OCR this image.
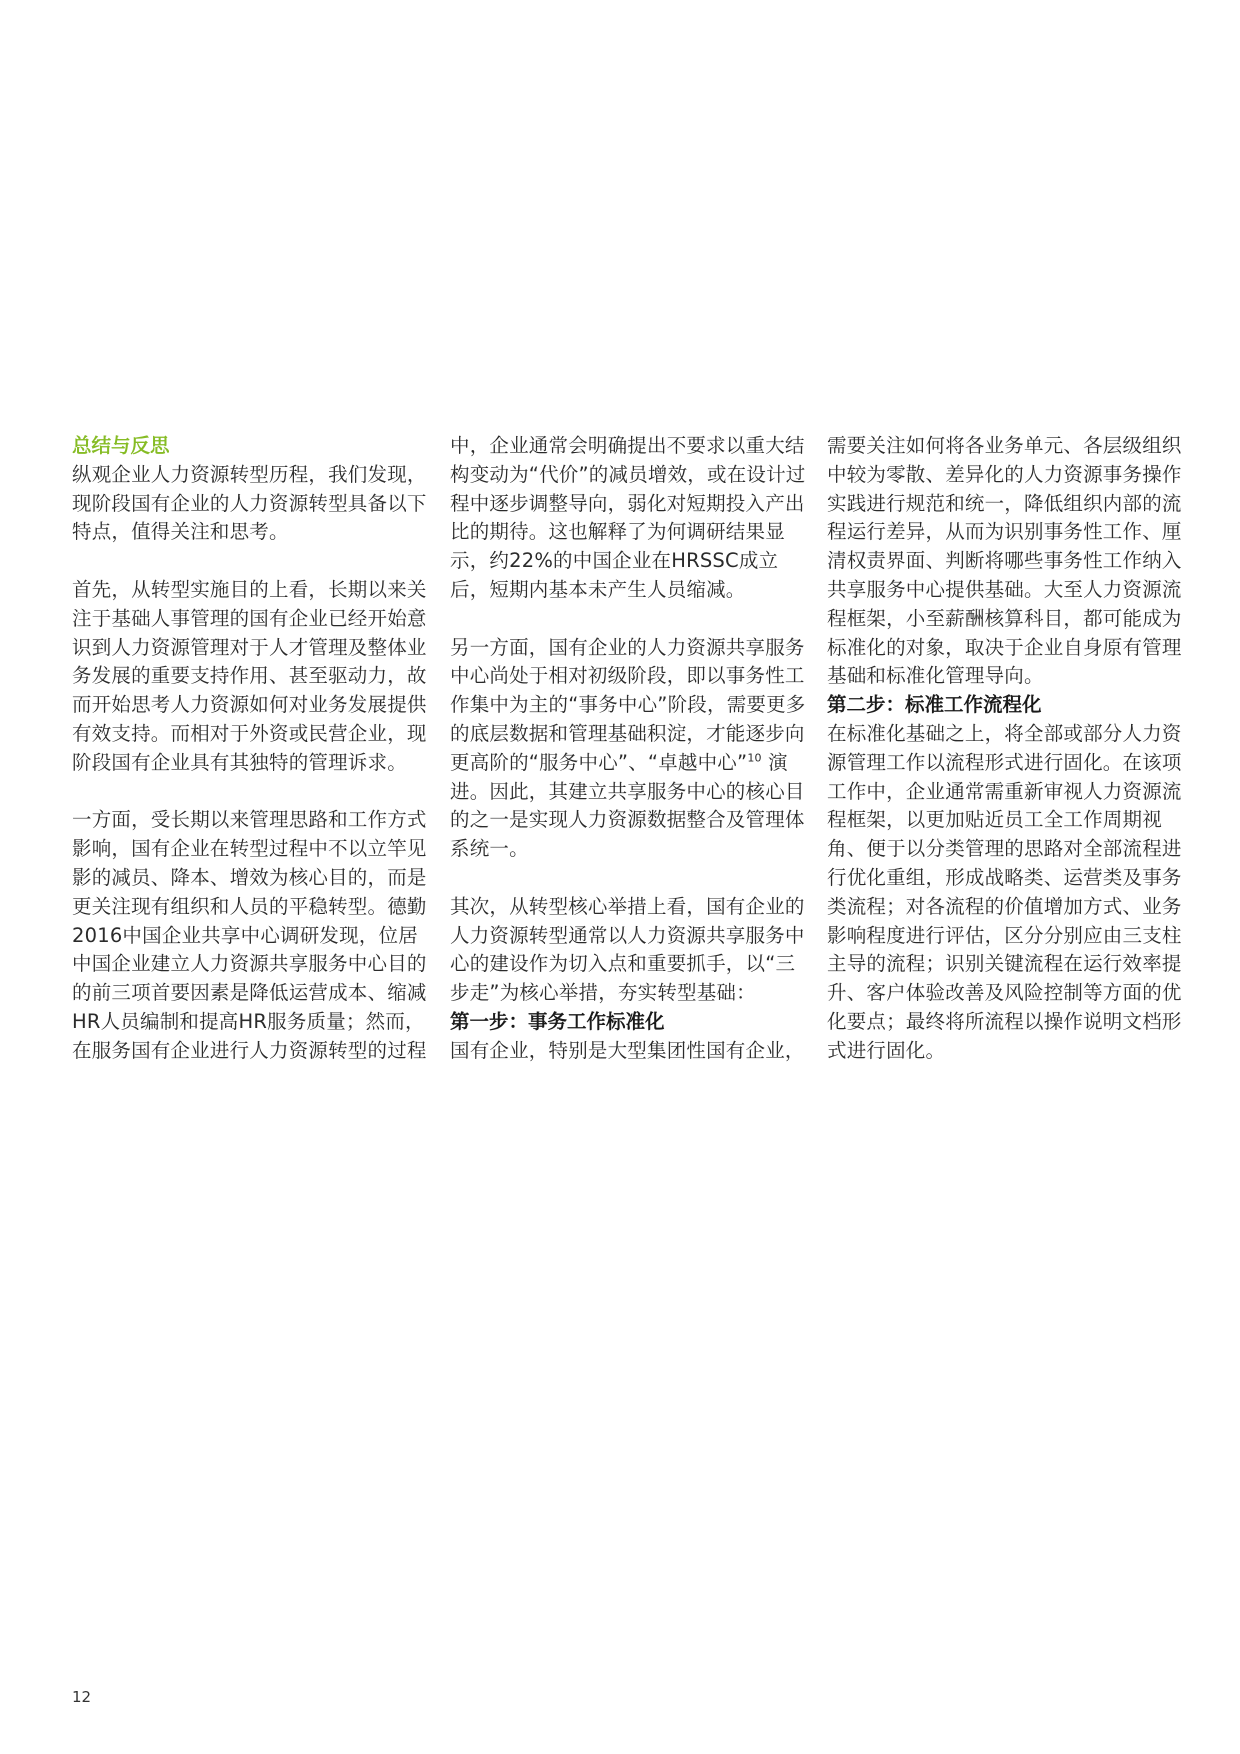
总结与反思

纵观企业人力资源转型历程，我们发现，现阶段国有企业的人力资源转型具备以下特点，值得关注和思考。

首先，从转型实施目的上看，长期以来关注于基础人事管理的国有企业已经开始意识到人力资源管理对于人才管理及整体业务发展的重要支持作用、甚至驱动力，故而开始思考人力资源如何对业务发展提供有效支持。而相对于外资或民营企业，现阶段国有企业具有其独特的管理诉求。

一方面，受长期以来管理思路和工作方式影响，国有企业在转型过程中不以立竿见影的减员、降本、增效为核心目的，而是更关注现有组织和人员的平稳转型。德勤2016中国企业共享中心调研发现，位居中国企业建立人力资源共享服务中心目的的前三项首要因素是降低运营成本、缩减HR人员编制和提高HR服务质量；然而，在服务国有企业进行人力资源转型的过程

中，企业通常会明确提出不要求以重大结构变动为“代价”的减员增效，或在设计过程中逐步调整导向，弱化对短期投入产出比的期待。这也解释了为何调研结果显示，约22%的中国企业在HRSSC成立后，短期内基本未产生人员缩减。

另一方面，国有企业的人力资源共享服务中心尚处于相对初级阶段，即以事务性工作集中为主的“事务中心”阶段，需要更多的底层数据和管理基础积淀，才能逐步向更高阶的“服务中心”、“卓越中心”$^{10}$ 演进。因此，其建立共享服务中心的核心目的之一是实现人力资源数据整合及管理体系统一。

其次，从转型核心举措上看，国有企业的人力资源转型通常以人力资源共享服务中心的建设作为切入点和重要抓手，以“三步走”为核心举措，夯实转型基础：

第一步：事务工作标准化

国有企业，特别是大型集团性国有企业，

需要关注如何将各业务单元、各层级组织中较为零散、差异化的人力资源事务操作实践进行规范和统一，降低组织内部的流程运行差异，从而为识别事务性工作、厘清权责界面、判断将哪些事务性工作纳入共享服务中心提供基础。大至人力资源流程框架，小至薪酬核算科目，都可能成为标准化的对象，取决于企业自身原有管理基础和标准化管理导向。

第二步：标准工作流程化

在标准化基础之上，将全部或部分人力资源管理工作以流程形式进行固化。在该项工作中，企业通常需重新审视人力资源流程框架，以更加贴近员工全工作周期视角、便于以分类管理的思路对全部流程进行优化重组，形成战略类、运营类及事务类流程；对各流程的价值增加方式、业务影响程度进行评估，区分分别应由三支柱主导的流程；识别关键流程在运行效率提升、客户体验改善及风险控制等方面的优化要点；最终将所流程以操作说明文档形式进行固化。

12
